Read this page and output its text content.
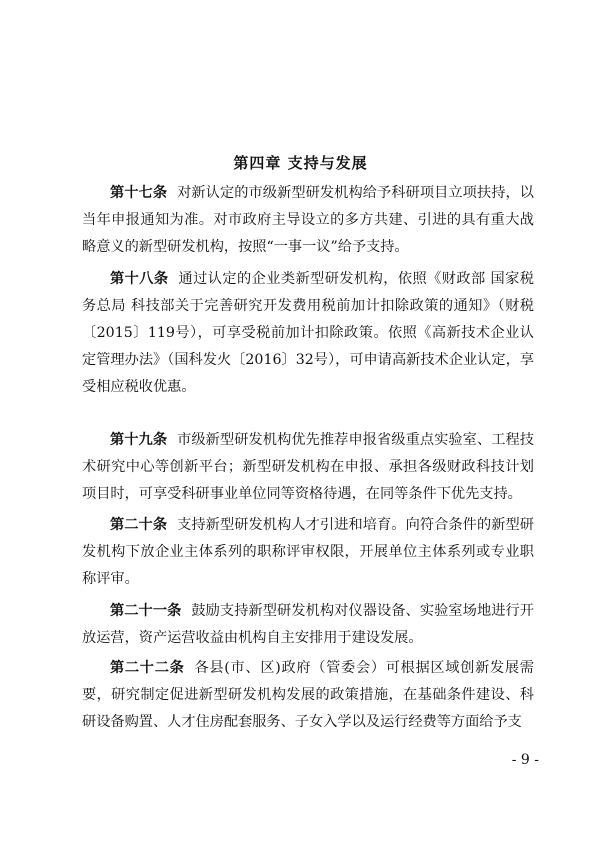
第四章 支持与发展

第十七条 对新认定的市级新型研发机构给予科研项目立项扶持，以当年申报通知为准。对市政府主导设立的多方共建、引进的具有重大战略意义的新型研发机构，按照“一事一议”给予支持。

第十八条 通过认定的企业类新型研发机构，依照《财政部 国家税务总局 科技部关于完善研究开发费用税前加计扣除政策的通知》（财税〔2015〕119号），可享受税前加计扣除政策。依照《高新技术企业认定管理办法》（国科发火〔2016〕32号），可申请高新技术企业认定，享受相应税收优惠。

第十九条 市级新型研发机构优先推荐申报省级重点实验室、工程技术研究中心等创新平台；新型研发机构在申报、承担各级财政科技计划项目时，可享受科研事业单位同等资格待遇，在同等条件下优先支持。

第二十条 支持新型研发机构人才引进和培育。向符合条件的新型研发机构下放企业主体系列的职称评审权限，开展单位主体系列或专业职称评审。

第二十一条 鼓励支持新型研发机构对仪器设备、实验室场地进行开放运营，资产运营收益由机构自主安排用于建设发展。

第二十二条 各县(市、区)政府（管委会）可根据区域创新发展需要，研究制定促进新型研发机构发展的政策措施，在基础条件建设、科研设备购置、人才住房配套服务、子女入学以及运行经费等方面给予支

- 9 -
